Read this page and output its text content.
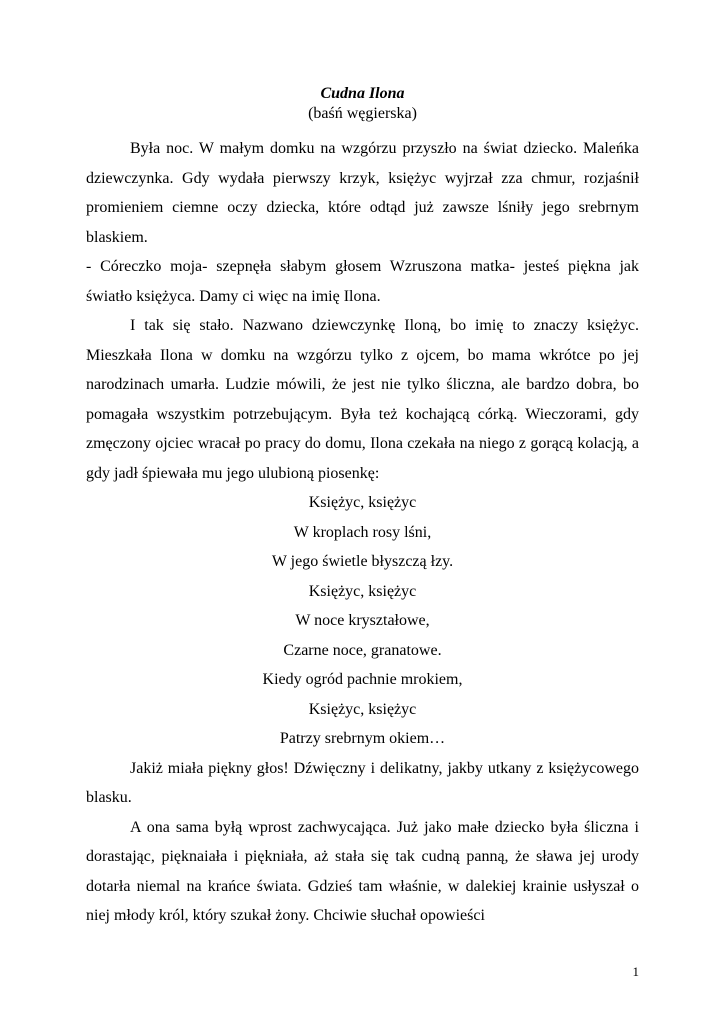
Cudna Ilona
(baśń węgierska)

Była noc. W małym domku na wzgórzu przyszło na świat dziecko. Maleńka dziewczynka. Gdy wydała pierwszy krzyk, księżyc wyjrzał zza chmur, rozjaśnił promieniem ciemne oczy dziecka, które odtąd już zawsze lśniły jego srebrnym blaskiem.

- Córeczko moja- szepnęła słabym głosem Wzruszona matka- jesteś piękna jak światło księżyca. Damy ci więc na imię Ilona.

I tak się stało. Nazwano dziewczynkę Iloną, bo imię to znaczy księżyc. Mieszkała Ilona w domku na wzgórzu tylko z ojcem, bo mama wkrótce po jej narodzinach umarła. Ludzie mówili, że jest nie tylko śliczna, ale bardzo dobra, bo pomagała wszystkim potrzebującym. Była też kochającą córką. Wieczorami, gdy zmęczony ojciec wracał po pracy do domu, Ilona czekała na niego z gorącą kolacją, a gdy jadł śpiewała mu jego ulubioną piosenkę:

Księżyc, księżyc

W kroplach rosy lśni,

W jego świetle błyszczą łzy.

Księżyc, księżyc

W noce kryształowe,

Czarne noce, granatowe.

Kiedy ogród pachnie mrokiem,

Księżyc, księżyc

Patrzy srebrnym okiem…

Jakiż miała piękny głos! Dźwięczny i delikatny, jakby utkany z księżycowego blasku.

A ona sama byłą wprost zachwycająca. Już jako małe dziecko była śliczna i dorastając, pięknaiała i piękniała, aż stała się tak cudną panną, że sława jej urody dotarła niemal na krańce świata. Gdzieś tam właśnie, w dalekiej krainie usłyszał o niej młody król, który szukał żony. Chciwie słuchał opowieści

1
